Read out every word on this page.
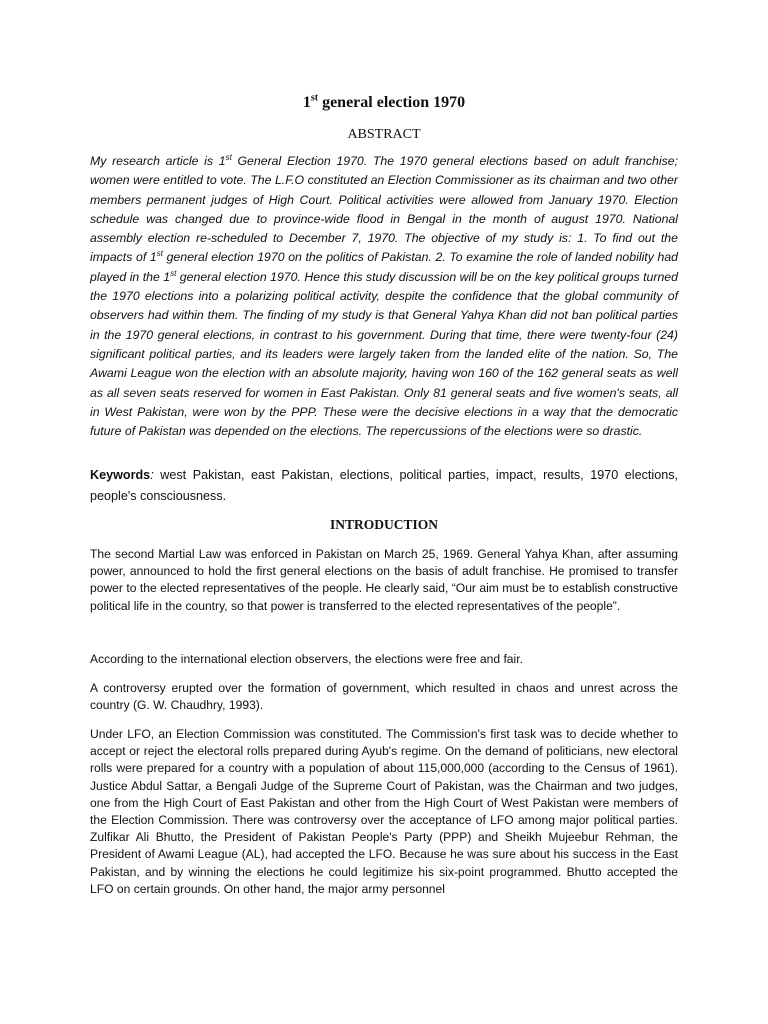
1st general election 1970
ABSTRACT

My research article is 1st General Election 1970. The 1970 general elections based on adult franchise; women were entitled to vote. The L.F.O constituted an Election Commissioner as its chairman and two other members permanent judges of High Court. Political activities were allowed from January 1970. Election schedule was changed due to province-wide flood in Bengal in the month of august 1970. National assembly election re-scheduled to December 7, 1970. The objective of my study is: 1. To find out the impacts of 1st general election 1970 on the politics of Pakistan. 2. To examine the role of landed nobility had played in the 1st general election 1970. Hence this study discussion will be on the key political groups turned the 1970 elections into a polarizing political activity, despite the confidence that the global community of observers had within them. The finding of my study is that General Yahya Khan did not ban political parties in the 1970 general elections, in contrast to his government. During that time, there were twenty-four (24) significant political parties, and its leaders were largely taken from the landed elite of the nation. So, The Awami League won the election with an absolute majority, having won 160 of the 162 general seats as well as all seven seats reserved for women in East Pakistan. Only 81 general seats and five women's seats, all in West Pakistan, were won by the PPP. These were the decisive elections in a way that the democratic future of Pakistan was depended on the elections. The repercussions of the elections were so drastic.

Keywords: west Pakistan, east Pakistan, elections, political parties, impact, results, 1970 elections, people's consciousness.

INTRODUCTION

The second Martial Law was enforced in Pakistan on March 25, 1969. General Yahya Khan, after assuming power, announced to hold the first general elections on the basis of adult franchise. He promised to transfer power to the elected representatives of the people. He clearly said, “Our aim must be to establish constructive political life in the country, so that power is transferred to the elected representatives of the people”.

According to the international election observers, the elections were free and fair.

A controversy erupted over the formation of government, which resulted in chaos and unrest across the country (G. W. Chaudhry, 1993).

Under LFO, an Election Commission was constituted. The Commission's first task was to decide whether to accept or reject the electoral rolls prepared during Ayub's regime. On the demand of politicians, new electoral rolls were prepared for a country with a population of about 115,000,000 (according to the Census of 1961). Justice Abdul Sattar, a Bengali Judge of the Supreme Court of Pakistan, was the Chairman and two judges, one from the High Court of East Pakistan and other from the High Court of West Pakistan were members of the Election Commission. There was controversy over the acceptance of LFO among major political parties. Zulfikar Ali Bhutto, the President of Pakistan People's Party (PPP) and Sheikh Mujeebur Rehman, the President of Awami League (AL), had accepted the LFO. Because he was sure about his success in the East Pakistan, and by winning the elections he could legitimize his six-point programmed. Bhutto accepted the LFO on certain grounds. On other hand, the major army personnel
